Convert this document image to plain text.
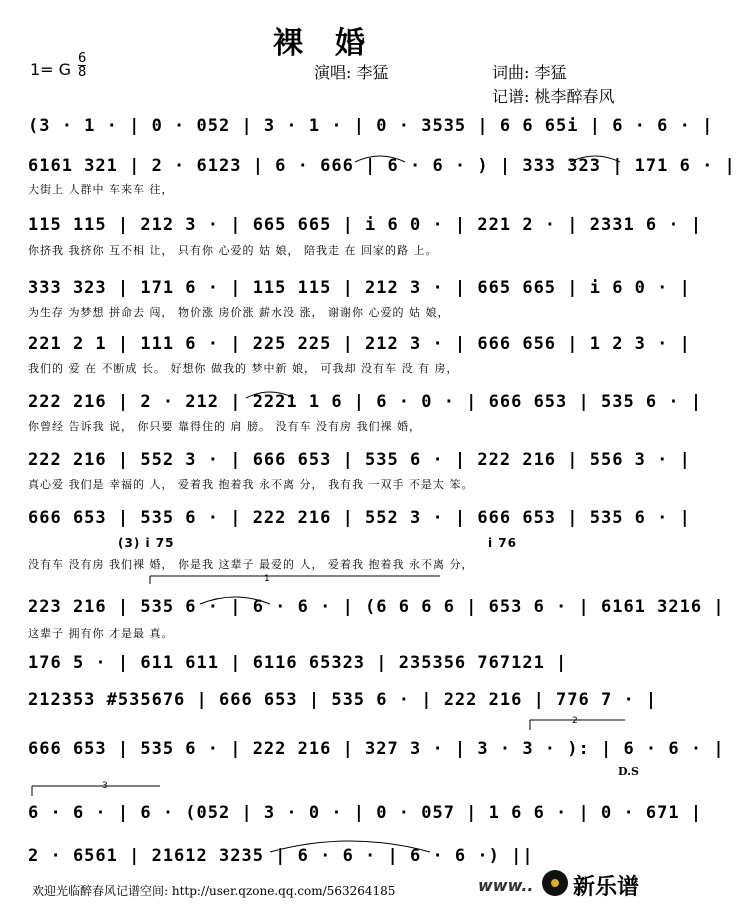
裸婚
1= G
6
8	演唱: 李猛	词曲: 李猛
记谱: 桃李醉春风
(3 · 1 · | 0 · 052 | 3 · 1 · | 0 · 3535 | 6 6 65i | 6 · 6 · |
6161 321 | 2 · 6123 | 6 · 666 | 6 · 6 · ) | 333 323 | 171 6 · |
大街上 人群中 车来车 往，
115 115 | 212 3 · | 665 665 | i 6 0 · | 221 2 · | 2331 6 · |
你挤我 我挤你 互不相 让， 只有你 心爱的 姑 娘， 陪我走 在 回家的路 上。
333 323 | 171 6 · | 115 115 | 212 3 · | 665 665 | i 6 0 · |
为生存 为梦想 拼命去 闯， 物价涨 房价涨 薪水没 涨， 谢谢你 心爱的 姑 娘，
221 2 1 | 111 6 · | 225 225 | 212 3 · | 666 656 | 1 2 3 · |
我们的 爱 在 不断成 长。 好想你 做我的 梦中新 娘， 可我却 没有车 没 有 房，
222 216 | 2 · 212 | 2221 1 6 | 6 · 0 · | 666 653 | 535 6 · |
你曾经 告诉我 说， 你只要 靠得住的 肩 膀。 没有车 没有房 我们裸 婚，
222 216 | 552 3 · | 666 653 | 535 6 · | 222 216 | 556 3 · |
真心爱 我们是 幸福的 人， 爱着我 抱着我 永不离 分， 我有我 一双手 不是太 笨。
666 653 | 535 6 · | 222 216 | 552 3 · | 666 653 | 535 6 · |
没有车 没有房 我们裸 婚， 你是我 这辈子 最爱的 人， 爱着我 抱着我 永不离 分，
223 216 | 535 6 · | 6 · 6 · | (6 6 6 6 | 653 6 · | 6161 3216 |
这辈子 拥有你 才是最 真。
176 5 · | 611 611 | 6116 65323 | 235356 767121 |
212353 #535676 | 666 653 | 535 6 · | 222 216 | 776 7 · |
666 653 | 535 6 · | 222 216 | 327 3 · | 3 · 3 · ): | 6 · 6 · |
6 · 6 · | 6 · (052 | 3 · 0 · | 0 · 057 | 1 6 6 · | 0 · 671 |
2 · 6561 | 21612 3235 | 6 · 6 · | 6 · 6 ·) ||
(3) i 75	i 76
1
2
3
D.S
欢迎光临醉春风记谱空间: http://user.qzone.qq.com/563264185	www.. 新乐谱
